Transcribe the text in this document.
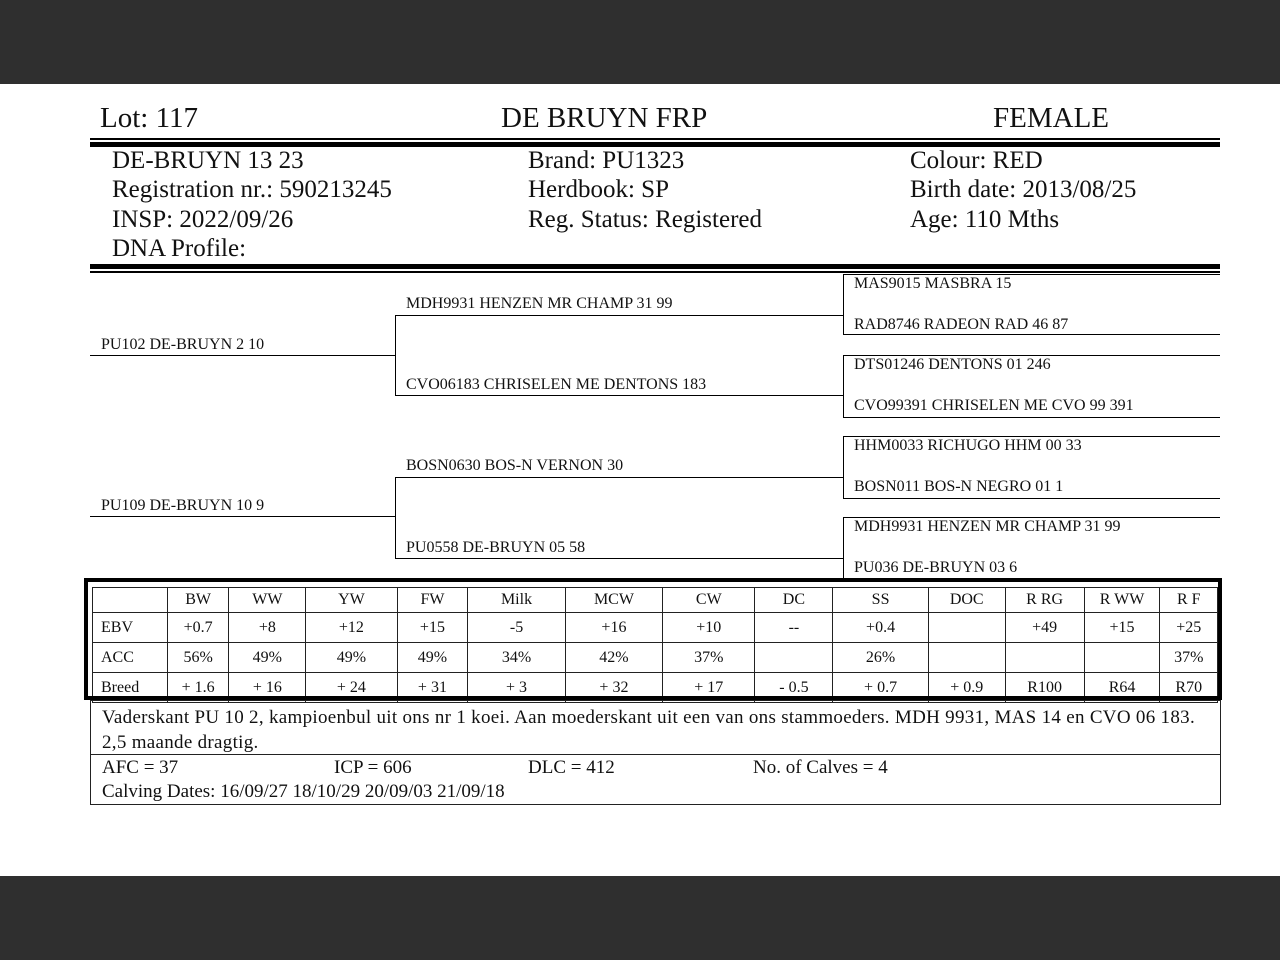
Lot: 117	DE BRUYN FRP	FEMALE
DE-BRUYN 13 23
Registration nr.: 590213245
INSP: 2022/09/26
DNA Profile:
Brand: PU1323
Herdbook: SP
Reg. Status: Registered
Colour: RED
Birth date: 2013/08/25
Age: 110 Mths
PU102 DE-BRUYN 2 10
PU109 DE-BRUYN 10 9
MDH9931 HENZEN MR CHAMP 31 99
CVO06183 CHRISELEN ME DENTONS 183
BOSN0630 BOS-N VERNON 30
PU0558 DE-BRUYN 05 58
MAS9015 MASBRA 15
RAD8746 RADEON RAD 46 87
DTS01246 DENTONS 01 246
CVO99391 CHRISELEN ME CVO 99 391
HHM0033 RICHUGO HHM 00 33
BOSN011 BOS-N NEGRO 01 1
MDH9931 HENZEN MR CHAMP 31 99
PU036 DE-BRUYN 03 6
	BW	WW	YW	FW	Milk	MCW	CW	DC	SS	DOC	R RG	R WW	R F
EBV	+0.7	+8	+12	+15	-5	+16	+10	--	+0.4		+49	+15	+25
ACC	56%	49%	49%	49%	34%	42%	37%		26%				37%
Breed	+ 1.6	+ 16	+ 24	+ 31	+ 3	+ 32	+ 17	- 0.5	+ 0.7	+ 0.9	R100	R64	R70
Vaderskant PU 10 2, kampioenbul uit ons nr 1 koei. Aan moederskant uit een van ons stammoeders. MDH 9931, MAS 14 en CVO 06 183. 2,5 maande dragtig.
AFC = 37	ICP = 606	DLC = 412	No. of Calves = 4
Calving Dates: 16/09/27 18/10/29 20/09/03 21/09/18
